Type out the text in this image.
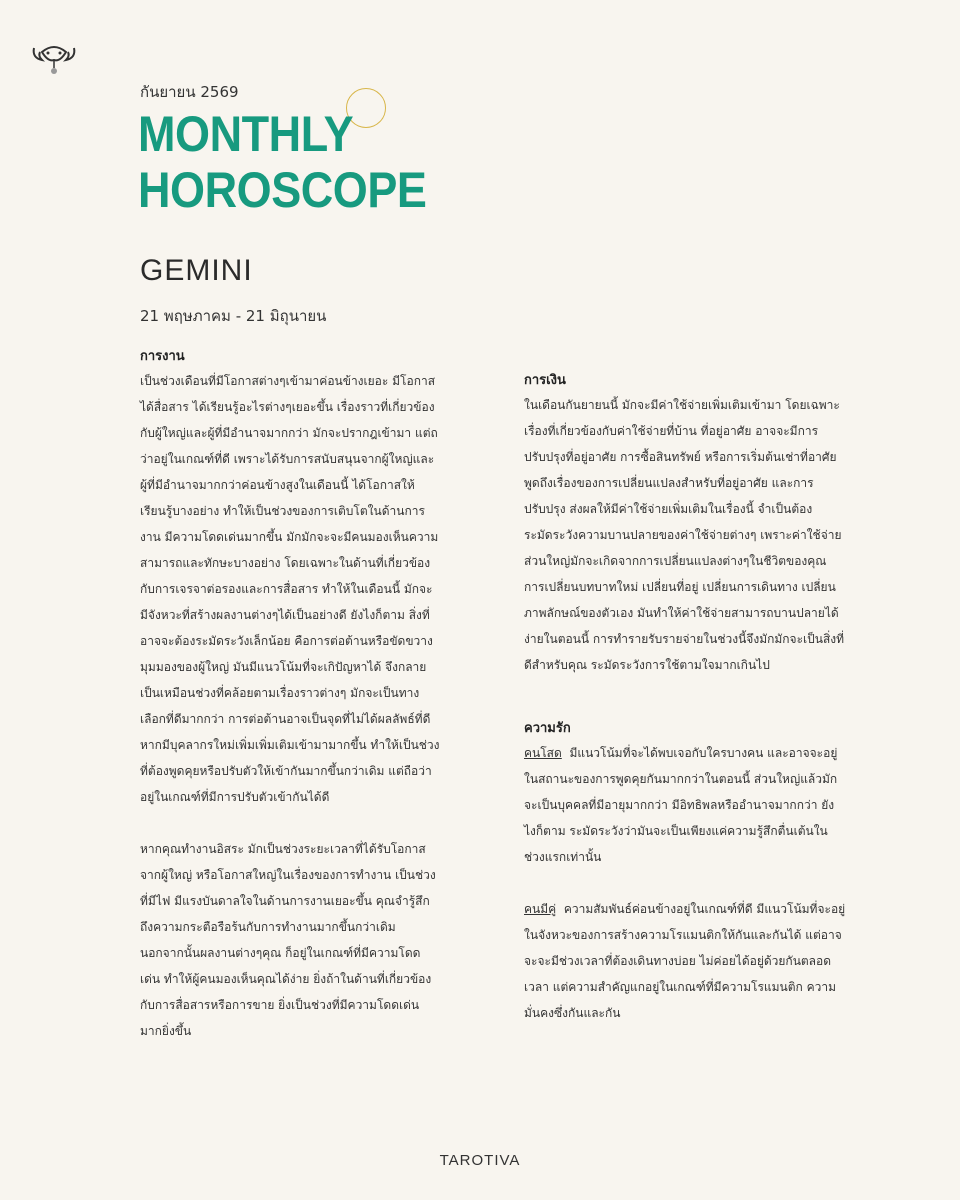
กันยายน 2569
MONTHLY
HOROSCOPE
GEMINI
21 พฤษภาคม - 21 มิถุนายน
การงาน

เป็นช่วงเดือนที่มีโอกาสต่างๆเข้ามาค่อนข้างเยอะ มีโอกาสได้สื่อสาร ได้เรียนรู้อะไรต่างๆเยอะขึ้น เรื่องราวที่เกี่ยวข้องกับผู้ใหญ่และผู้ที่มีอำนาจมากกว่า มักจะปรากฎเข้ามา แต่ถว่าอยู่ในเกณฑ์ที่ดี เพราะได้รับการสนับสนุนจากผู้ใหญ่และผู้ที่มีอำนาจมากกว่าค่อนข้างสูงในเดือนนี้ ได้โอกาสให้เรียนรู้บางอย่าง ทำให้เป็นช่วงของการเติบโตในด้านการงาน มีความโดดเด่นมากขึ้น มักมักจะจะมีคนมองเห็นความสามารถและทักษะบางอย่าง โดยเฉพาะในด้านที่เกี่ยวข้องกับการเจรจาต่อรองและการสื่อสาร ทำให้ในเดือนนี้ มักจะมีจังหวะที่สร้างผลงานต่างๆได้เป็นอย่างดี ยังไงก็ตาม สิ่งที่อาจจะต้องระมัดระวังเล็กน้อย คือการต่อต้านหรือขัดขวางมุมมองของผู้ใหญ่ มันมีแนวโน้มที่จะเกิปัญหาได้ จึงกลายเป็นเหมือนช่วงที่คล้อยตามเรื่องราวต่างๆ มักจะเป็นทางเลือกที่ดีมากกว่า การต่อต้านอาจเป็นจุดที่ไม่ได้ผลลัพธ์ที่ดี หากมีบุคลากรใหม่เพิ่มเพิ่มเติมเข้ามามากขึ้น ทำให้เป็นช่วงที่ต้องพูดคุยหรือปรับตัวให้เข้ากันมากขึ้นกว่าเดิม แต่ถือว่าอยู่ในเกณฑ์ที่มีการปรับตัวเข้ากันได้ดี

หากคุณทำงานอิสระ มักเป็นช่วงระยะเวลาที่ได้รับโอกาสจากผู้ใหญ่ หรือโอกาสใหญ่ในเรื่องของการทำงาน เป็นช่วงที่มีไฟ มีแรงบันดาลใจในด้านการงานเยอะขึ้น คุณจำรู้สึกถึงความกระตือรือร้นกับการทำงานมากขึ้นกว่าเดิม นอกจากนั้นผลงานต่างๆคุณ ก็อยู่ในเกณฑ์ที่มีความโดดเด่น ทำให้ผู้คนมองเห็นคุณได้ง่าย ยิ่งถ้าในด้านที่เกี่ยวข้องกับการสื่อสารหรือการขาย ยิ่งเป็นช่วงที่มีความโดดเด่นมากยิ่งขึ้น

การเงิน

ในเดือนกันยายนนี้ มักจะมีค่าใช้จ่ายเพิ่มเติมเข้ามา โดยเฉพาะเรื่องที่เกี่ยวข้องกับค่าใช้จ่ายที่บ้าน ที่อยู่อาศัย อาจจะมีการปรับปรุงที่อยู่อาศัย การซื้อสินทรัพย์ หรือการเริ่มต้นเช่าที่อาศัย พูดถึงเรื่องของการเปลี่ยนแปลงสำหรับที่อยู่อาศัย และการปรับปรุง ส่งผลให้มีค่าใช้จ่ายเพิ่มเติมในเรื่องนี้ จำเป็นต้องระมัดระวังความบานปลายของค่าใช้จ่ายต่างๆ เพราะค่าใช้จ่ายส่วนใหญ่มักจะเกิดจากการเปลี่ยนแปลงต่างๆในชีวิตของคุณ การเปลี่ยนบทบาทใหม่ เปลี่ยนที่อยู่ เปลี่ยนการเดินทาง เปลี่ยนภาพลักษณ์ของตัวเอง มันทำให้ค่าใช้จ่ายสามารถบานปลายได้ง่ายในตอนนี้ การทำรายรับรายจ่ายในช่วงนี้จึงมักมักจะเป็นสิ่งที่ดีสำหรับคุณ ระมัดระวังการใช้ตามใจมากเกินไป

ความรัก

คนโสด มีแนวโน้มที่จะได้พบเจอกับใครบางคน และอาจจะอยู่ในสถานะของการพูดคุยกันมากกว่าในตอนนี้ ส่วนใหญ่แล้วมักจะเป็นบุคคลที่มีอายุมากกว่า มีอิทธิพลหรืออำนาจมากกว่า ยังไงก็ตาม ระมัดระวังว่ามันจะเป็นเพียงแค่ความรู้สึกตื่นเต้นในช่วงแรกเท่านั้น

คนมีคู่ ความสัมพันธ์ค่อนข้างอยู่ในเกณฑ์ที่ดี มีแนวโน้มที่จะอยู่ในจังหวะของการสร้างความโรแมนติกให้กันและกันได้ แต่อาจจะจะมีช่วงเวลาที่ต้องเดินทางบ่อย ไม่ค่อยได้อยู่ด้วยกันตลอดเวลา แต่ความสำคัญแกอยู่ในเกณฑ์ที่มีความโรแมนติก ความมั่นคงซึ่งกันและกัน

TAROTIVA
